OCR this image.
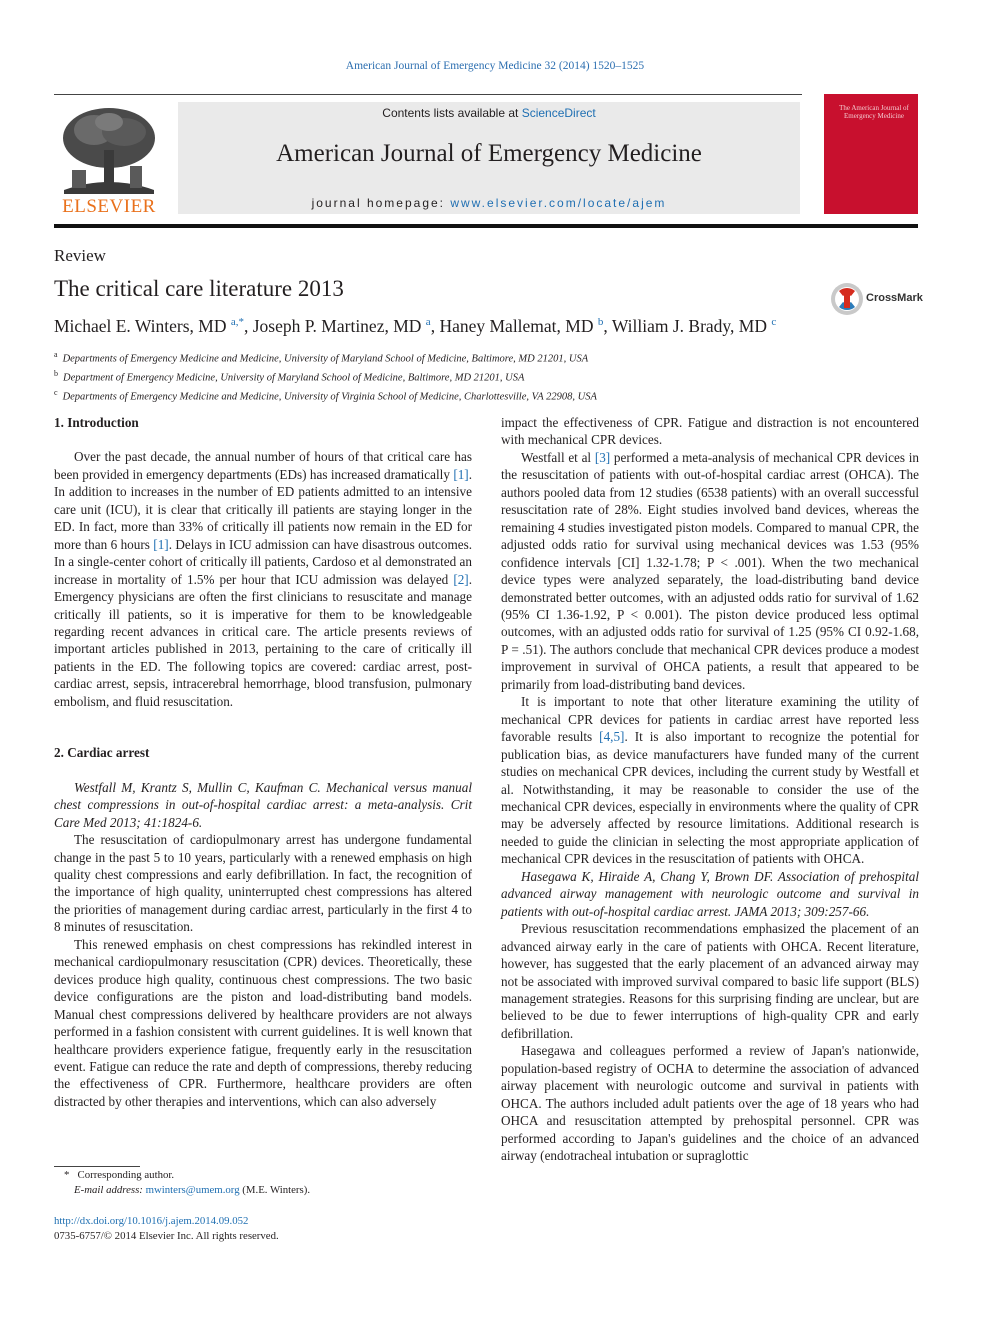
American Journal of Emergency Medicine 32 (2014) 1520–1525
ELSEVIER
Contents lists available at ScienceDirect
American Journal of Emergency Medicine
journal homepage: www.elsevier.com/locate/ajem
The American Journal of Emergency Medicine
Review
The critical care literature 2013	CrossMark
Michael E. Winters, MD $^{a,*}$, Joseph P. Martinez, MD $^a$, Haney Mallemat, MD $^b$, William J. Brady, MD $^c$
$^a$ Departments of Emergency Medicine and Medicine, University of Maryland School of Medicine, Baltimore, MD 21201, USA
$^b$ Department of Emergency Medicine, University of Maryland School of Medicine, Baltimore, MD 21201, USA
$^c$ Departments of Emergency Medicine and Medicine, University of Virginia School of Medicine, Charlottesville, VA 22908, USA
1. Introduction

Over the past decade, the annual number of hours of that critical care has been provided in emergency departments (EDs) has increased dramatically [1]. In addition to increases in the number of ED patients admitted to an intensive care unit (ICU), it is clear that critically ill patients are staying longer in the ED. In fact, more than 33% of critically ill patients now remain in the ED for more than 6 hours [1]. Delays in ICU admission can have disastrous outcomes. In a single-center cohort of critically ill patients, Cardoso et al demonstrated an increase in mortality of 1.5% per hour that ICU admission was delayed [2]. Emergency physicians are often the first clinicians to resuscitate and manage critically ill patients, so it is imperative for them to be knowledgeable regarding recent advances in critical care. The article presents reviews of important articles published in 2013, pertaining to the care of critically ill patients in the ED. The following topics are covered: cardiac arrest, post-cardiac arrest, sepsis, intracerebral hemorrhage, blood transfusion, pulmonary embolism, and fluid resuscitation.

2. Cardiac arrest

Westfall M, Krantz S, Mullin C, Kaufman C. Mechanical versus manual chest compressions in out-of-hospital cardiac arrest: a meta-analysis. Crit Care Med 2013; 41:1824-6.

The resuscitation of cardiopulmonary arrest has undergone fundamental change in the past 5 to 10 years, particularly with a renewed emphasis on high quality chest compressions and early defibrillation. In fact, the recognition of the importance of high quality, uninterrupted chest compressions has altered the priorities of management during cardiac arrest, particularly in the first 4 to 8 minutes of resuscitation.

This renewed emphasis on chest compressions has rekindled interest in mechanical cardiopulmonary resuscitation (CPR) devices. Theoretically, these devices produce high quality, continuous chest compressions. The two basic device configurations are the piston and load-distributing band models. Manual chest compressions delivered by healthcare providers are not always performed in a fashion consistent with current guidelines. It is well known that healthcare providers experience fatigue, frequently early in the resuscitation event. Fatigue can reduce the rate and depth of compressions, thereby reducing the effectiveness of CPR. Furthermore, healthcare providers are often distracted by other therapies and interventions, which can also adversely

impact the effectiveness of CPR. Fatigue and distraction is not encountered with mechanical CPR devices.

Westfall et al [3] performed a meta-analysis of mechanical CPR devices in the resuscitation of patients with out-of-hospital cardiac arrest (OHCA). The authors pooled data from 12 studies (6538 patients) with an overall successful resuscitation rate of 28%. Eight studies involved band devices, whereas the remaining 4 studies investigated piston models. Compared to manual CPR, the adjusted odds ratio for survival using mechanical devices was 1.53 (95% confidence intervals [CI] 1.32-1.78; P < .001). When the two mechanical device types were analyzed separately, the load-distributing band device demonstrated better outcomes, with an adjusted odds ratio for survival of 1.62 (95% CI 1.36-1.92, P < 0.001). The piston device produced less optimal outcomes, with an adjusted odds ratio for survival of 1.25 (95% CI 0.92-1.68, P = .51). The authors conclude that mechanical CPR devices produce a modest improvement in survival of OHCA patients, a result that appeared to be primarily from load-distributing band devices.

It is important to note that other literature examining the utility of mechanical CPR devices for patients in cardiac arrest have reported less favorable results [4,5]. It is also important to recognize the potential for publication bias, as device manufacturers have funded many of the current studies on mechanical CPR devices, including the current study by Westfall et al. Notwithstanding, it may be reasonable to consider the use of the mechanical CPR devices, especially in environments where the quality of CPR may be adversely affected by resource limitations. Additional research is needed to guide the clinician in selecting the most appropriate application of mechanical CPR devices in the resuscitation of patients with OHCA.

Hasegawa K, Hiraide A, Chang Y, Brown DF. Association of prehospital advanced airway management with neurologic outcome and survival in patients with out-of-hospital cardiac arrest. JAMA 2013; 309:257-66.

Previous resuscitation recommendations emphasized the placement of an advanced airway early in the care of patients with OHCA. Recent literature, however, has suggested that the early placement of an advanced airway may not be associated with improved survival compared to basic life support (BLS) management strategies. Reasons for this surprising finding are unclear, but are believed to be due to fewer interruptions of high-quality CPR and early defibrillation.

Hasegawa and colleagues performed a review of Japan's nationwide, population-based registry of OCHA to determine the association of advanced airway placement with neurologic outcome and survival in patients with OHCA. The authors included adult patients over the age of 18 years who had OHCA and resuscitation attempted by prehospital personnel. CPR was performed according to Japan's guidelines and the choice of an advanced airway (endotracheal intubation or supraglottic

* Corresponding author.
E-mail address: mwinters@umem.org (M.E. Winters).
http://dx.doi.org/10.1016/j.ajem.2014.09.052
0735-6757/© 2014 Elsevier Inc. All rights reserved.
